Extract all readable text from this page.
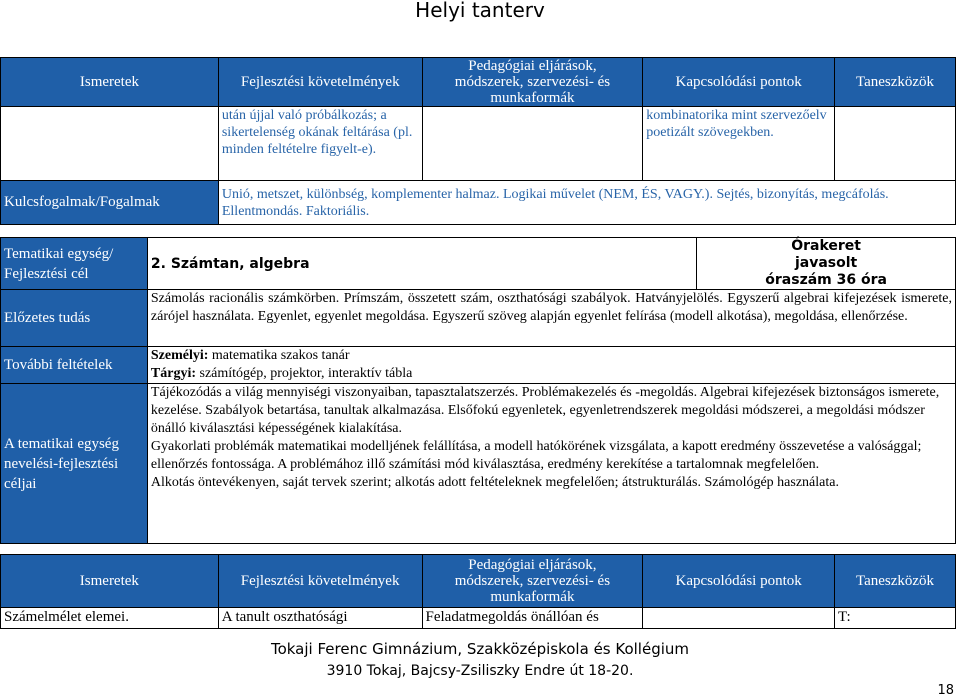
Helyi tanterv
Ismeretek	Fejlesztési követelmények	Pedagógiai eljárások,
módszerek, szervezési- és
munkaformák	Kapcsolódási pontok	Taneszközök
	után újjal való próbálkozás; a sikertelenség okának feltárása (pl. minden feltételre figyelt-e).		kombinatorika mint szervezőelv poetizált szövegekben.	
Kulcsfogalmak/Fogalmak	Unió, metszet, különbség, komplementer halmaz. Logikai művelet (NEM, ÉS, VAGY.). Sejtés, bizonyítás, megcáfolás. Ellentmondás. Faktoriális.			
Tematikai egység/
Fejlesztési cél	2. Számtan, algebra	Órakeret
javasolt
óraszám 36 óra

Előzetes tudás	Számolás racionális számkörben. Prímszám, összetett szám, oszthatósági szabályok. Hatványjelölés. Egyszerű algebrai kifejezések ismerete, zárójel használata. Egyenlet, egyenlet megoldása. Egyszerű szöveg alapján egyenlet felírása (modell alkotása), megoldása, ellenőrzése.	
További feltételek	Személyi: matematika szakos tanár
Tárgyi: számítógép, projektor, interaktív tábla	

A tematikai egység nevelési-fejlesztési céljai	Tájékozódás a világ mennyiségi viszonyaiban, tapasztalatszerzés. Problémakezelés és -megoldás. Algebrai kifejezések biztonságos ismerete, kezelése. Szabályok betartása, tanultak alkalmazása. Elsőfokú egyenletek, egyenletrendszerek megoldási módszerei, a megoldási módszer önálló kiválasztási képességének kialakítása.
Gyakorlati problémák matematikai modelljének felállítása, a modell hatókörének vizsgálata, a kapott eredmény összevetése a valósággal; ellenőrzés fontossága. A problémához illő számítási mód kiválasztása, eredmény kerekítése a tartalomnak megfelelően.
Alkotás öntevékenyen, saját tervek szerint; alkotás adott feltételeknek megfelelően; átstrukturálás. Számológép használata.	
Ismeretek	Fejlesztési követelmények	Pedagógiai eljárások,
módszerek, szervezési- és
munkaformák	Kapcsolódási pontok	Taneszközök
Számelmélet elemei.	A tanult oszthatósági	Feladatmegoldás önállóan és		T:
Tokaji Ferenc Gimnázium, Szakközépiskola és Kollégium
3910 Tokaj, Bajcsy-Zsiliszky Endre út 18-20.
18
